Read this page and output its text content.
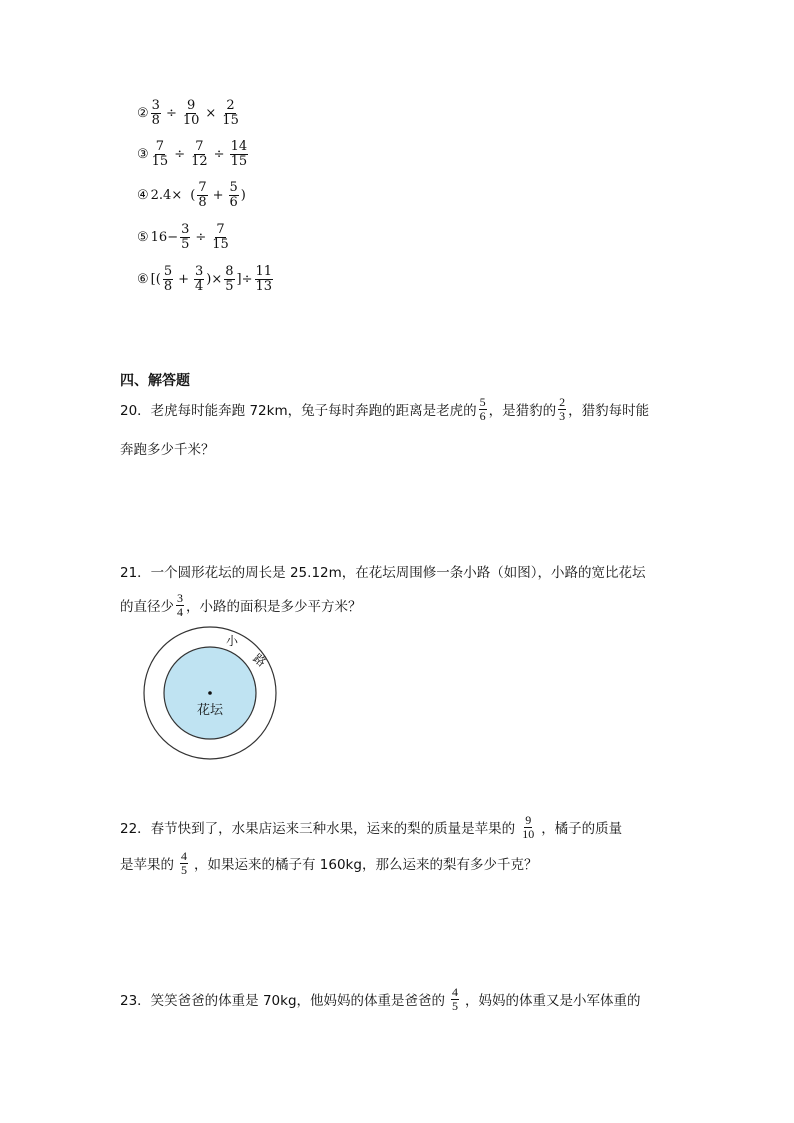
② $\frac{3}{8} \div \frac{9}{10} \times \frac{2}{15}$
③ $\frac{7}{15} \div \frac{7}{12} \div \frac{14}{15}$
④ 2.4× ( $\frac{7}{8} + \frac{5}{6}$ )
⑤ $16- \frac{3}{5} \div \frac{7}{15}$
⑥ [( $\frac{5}{8} + \frac{3}{4}$ )× $\frac{8}{5}$ ]÷ $\frac{11}{13}$
四、解答题
20．老虎每时能奔跑 72km，兔子每时奔跑的距离是老虎的 $\frac{5}{6}$ ，是猎豹的 $\frac{2}{3}$ ，猎豹每时能
奔跑多少千米？
21．一个圆形花坛的周长是 25.12m，在花坛周围修一条小路（如图），小路的宽比花坛
的直径少 $\frac{3}{4}$ ，小路的面积是多少平方米？
花坛
小
路
22．春节快到了，水果店运来三种水果，运来的梨的质量是苹果的 $\frac{9}{10}$ ，橘子的质量
是苹果的 $\frac{4}{5}$ ，如果运来的橘子有 160kg，那么运来的梨有多少千克？
23．笑笑爸爸的体重是 70kg，他妈妈的体重是爸爸的 $\frac{4}{5}$ ，妈妈的体重又是小军体重的
